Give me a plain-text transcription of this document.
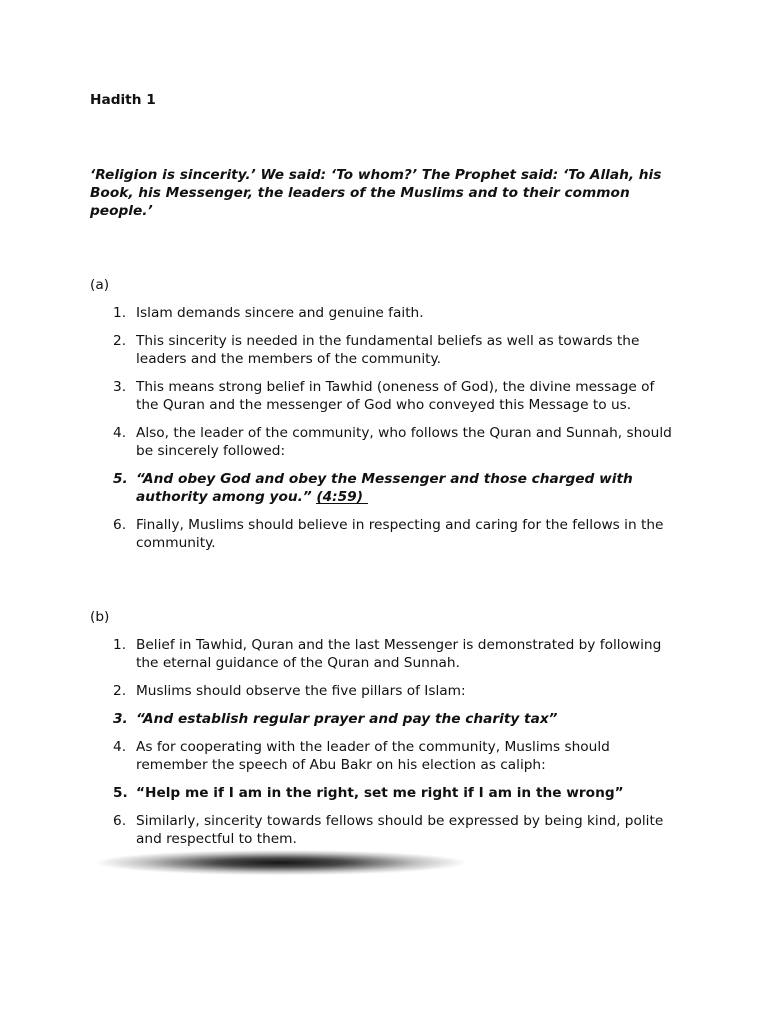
Hadith 1
‘Religion is sincerity.’ We said: ‘To whom?’ The Prophet said: ‘To Allah, his
Book, his Messenger, the leaders of the Muslims and to their common
people.’
(a)
1. Islam demands sincere and genuine faith.
2. This sincerity is needed in the fundamental beliefs as well as towards the
leaders and the members of the community.
3. This means strong belief in Tawhid (oneness of God), the divine message of
the Quran and the messenger of God who conveyed this Message to us.
4. Also, the leader of the community, who follows the Quran and Sunnah, should
be sincerely followed:
5. “And obey God and obey the Messenger and those charged with
authority among you.” (4:59)
6. Finally, Muslims should believe in respecting and caring for the fellows in the
community.
(b)
1. Belief in Tawhid, Quran and the last Messenger is demonstrated by following
the eternal guidance of the Quran and Sunnah.
2. Muslims should observe the five pillars of Islam:
3. “And establish regular prayer and pay the charity tax”
4. As for cooperating with the leader of the community, Muslims should
remember the speech of Abu Bakr on his election as caliph:
5. “Help me if I am in the right, set me right if I am in the wrong”
6. Similarly, sincerity towards fellows should be expressed by being kind, polite
and respectful to them.
